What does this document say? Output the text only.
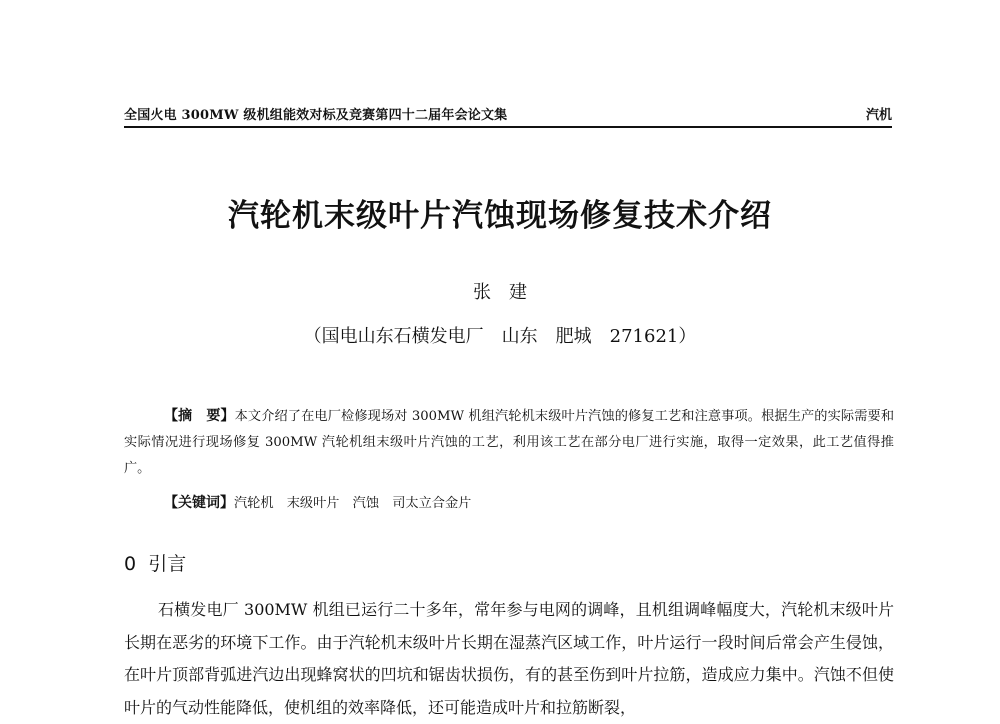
全国火电 300MW 级机组能效对标及竞赛第四十二届年会论文集	汽机
汽轮机末级叶片汽蚀现场修复技术介绍
张　建
（国电山东石横发电厂　山东　肥城　271621）
【摘　要】本文介绍了在电厂检修现场对 300MW 机组汽轮机末级叶片汽蚀的修复工艺和注意事项。根据生产的实际需要和实际情况进行现场修复 300MW 汽轮机组末级叶片汽蚀的工艺，利用该工艺在部分电厂进行实施，取得一定效果，此工艺值得推广。
【关键词】汽轮机　末级叶片　汽蚀　司太立合金片
0 引言
石横发电厂 300MW 机组已运行二十多年，常年参与电网的调峰，且机组调峰幅度大，汽轮机末级叶片长期在恶劣的环境下工作。由于汽轮机末级叶片长期在湿蒸汽区域工作，叶片运行一段时间后常会产生侵蚀，在叶片顶部背弧进汽边出现蜂窝状的凹坑和锯齿状损伤，有的甚至伤到叶片拉筋，造成应力集中。汽蚀不但使叶片的气动性能降低，使机组的效率降低，还可能造成叶片和拉筋断裂，
